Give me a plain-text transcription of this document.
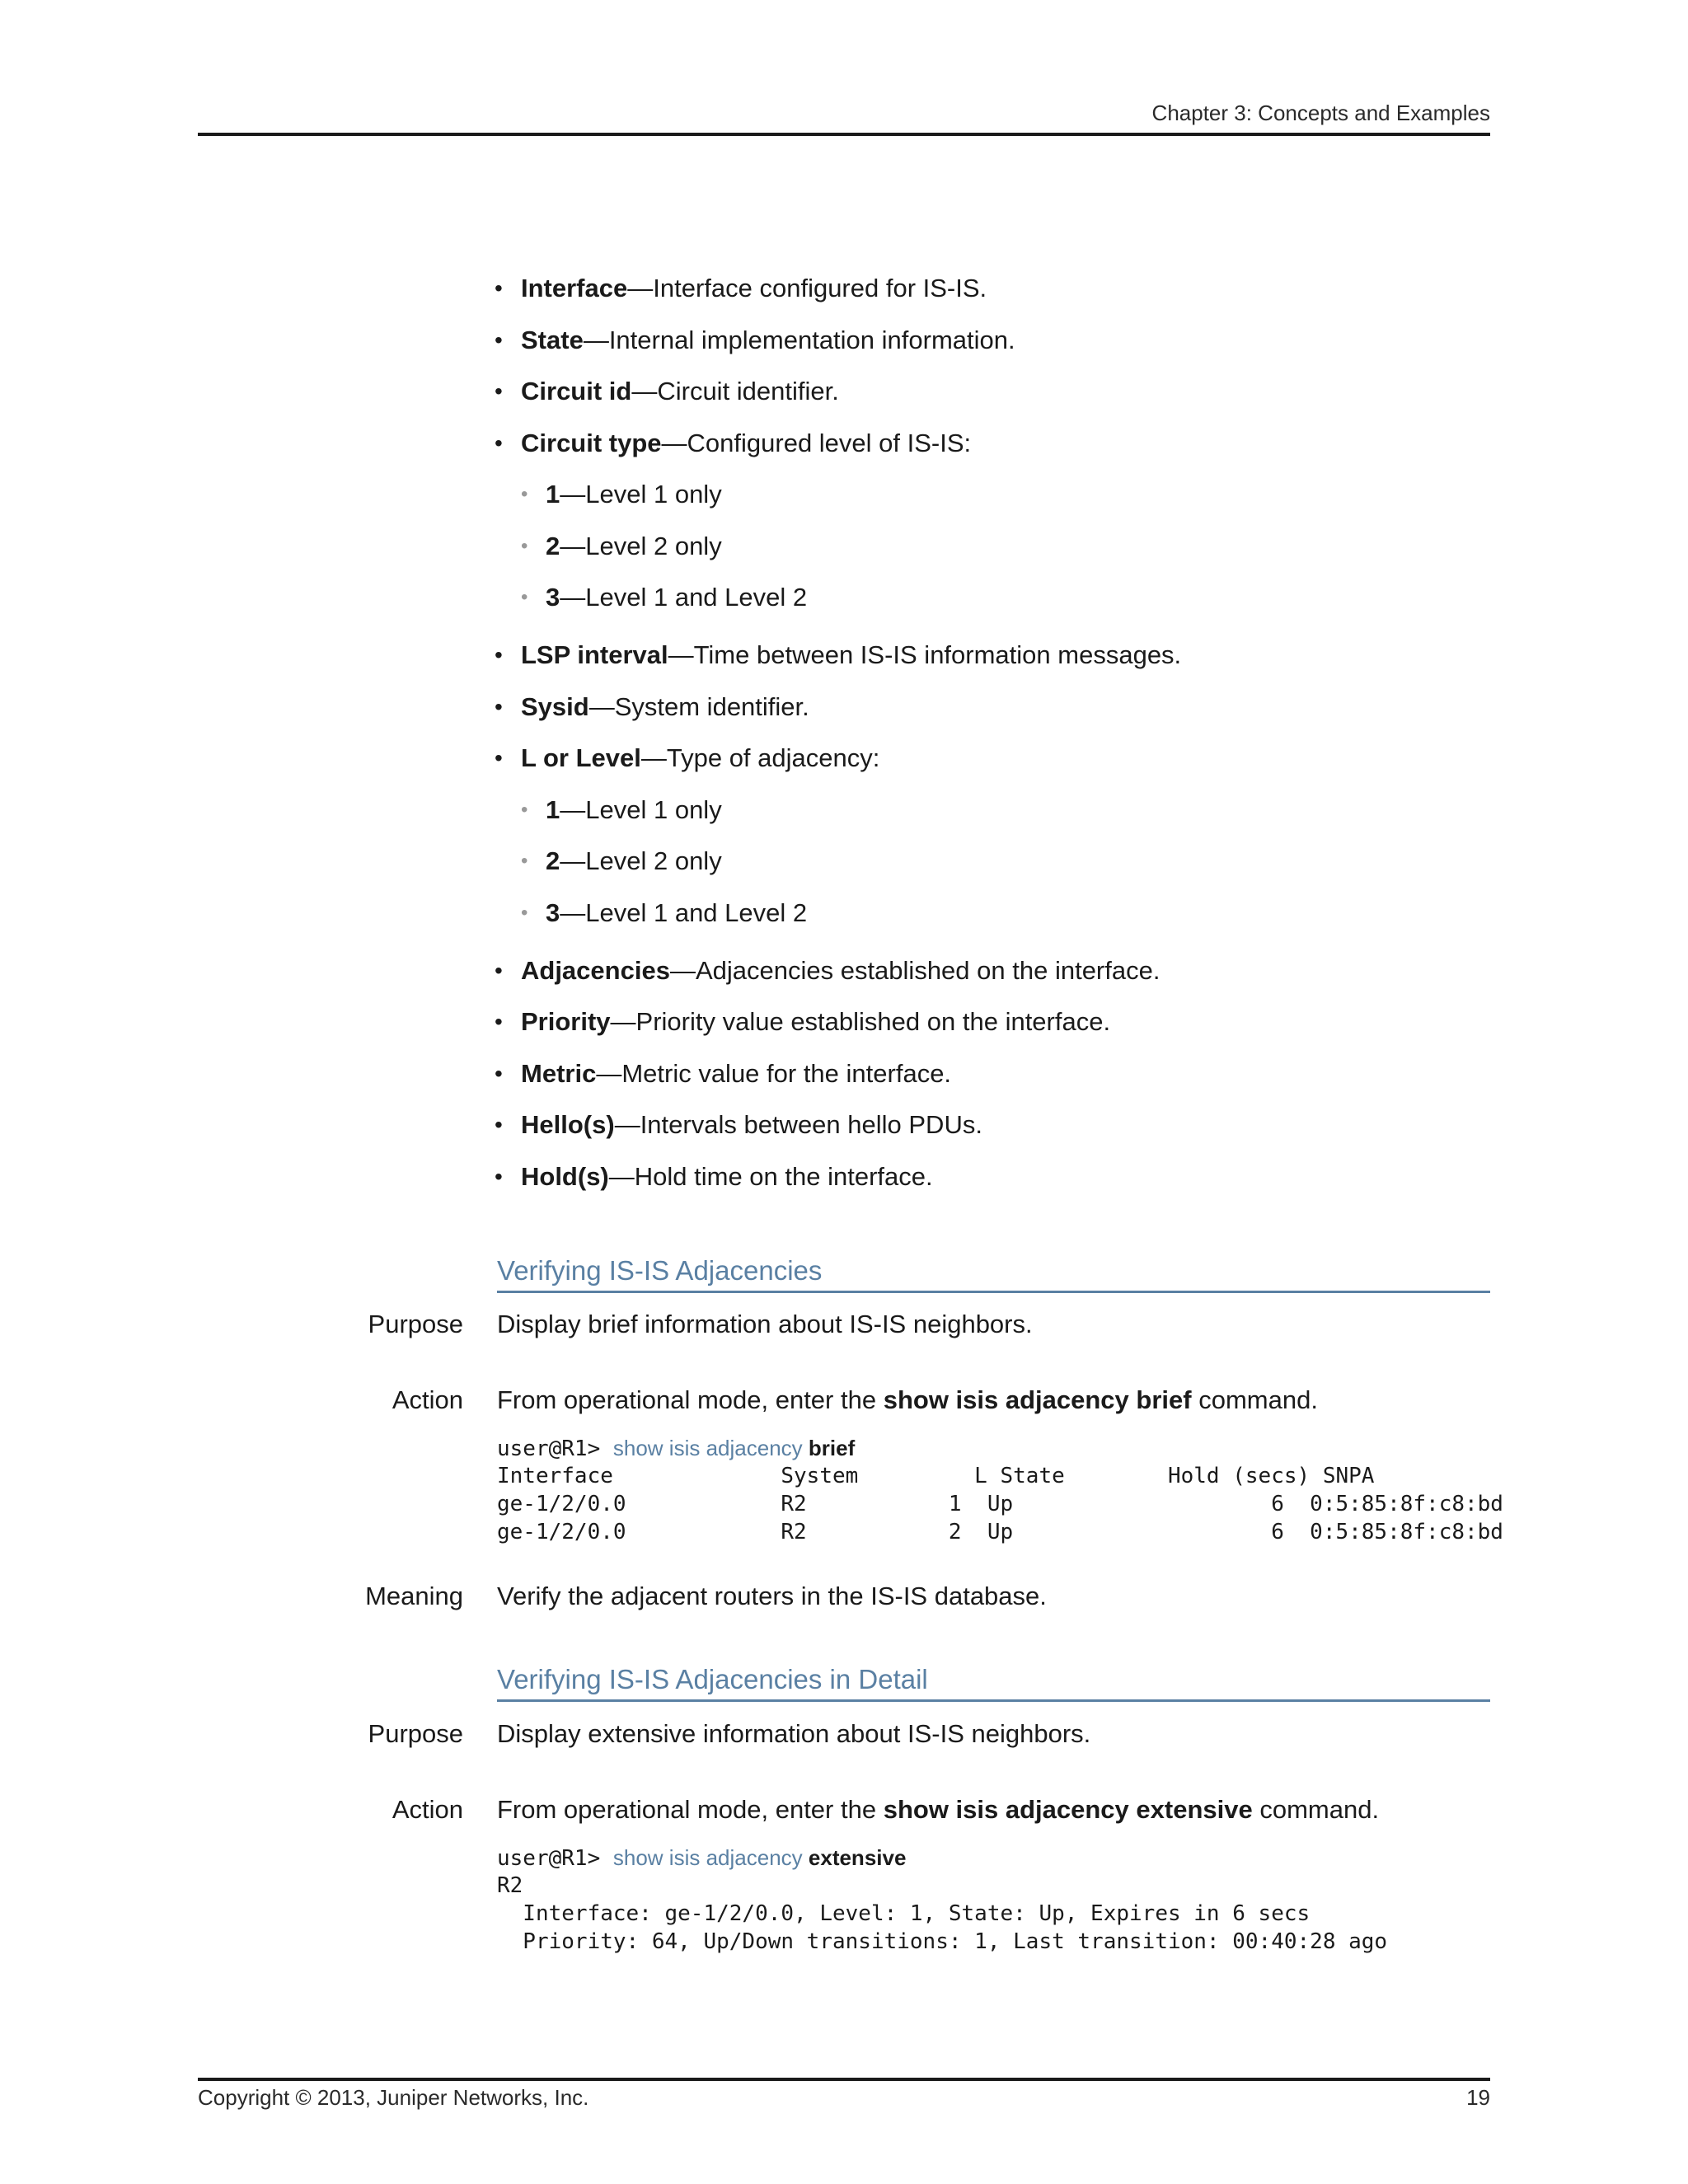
Chapter 3: Concepts and Examples
• Interface—Interface configured for IS-IS.
• State—Internal implementation information.
• Circuit id—Circuit identifier.
• Circuit type—Configured level of IS-IS:
• 1—Level 1 only
• 2—Level 2 only
• 3—Level 1 and Level 2
• LSP interval—Time between IS-IS information messages.
• Sysid—System identifier.
• L or Level—Type of adjacency:
• 1—Level 1 only
• 2—Level 2 only
• 3—Level 1 and Level 2
• Adjacencies—Adjacencies established on the interface.
• Priority—Priority value established on the interface.
• Metric—Metric value for the interface.
• Hello(s)—Intervals between hello PDUs.
• Hold(s)—Hold time on the interface.
Verifying IS-IS Adjacencies
Purpose Display brief information about IS-IS neighbors.
Action From operational mode, enter the show isis adjacency brief command.
user@R1> show isis adjacency brief
Interface             System         L State        Hold (secs) SNPA
ge-1/2/0.0            R2           1  Up                    6  0:5:85:8f:c8:bd
ge-1/2/0.0            R2           2  Up                    6  0:5:85:8f:c8:bd
Meaning Verify the adjacent routers in the IS-IS database.
Verifying IS-IS Adjacencies in Detail
Purpose Display extensive information about IS-IS neighbors.
Action From operational mode, enter the show isis adjacency extensive command.
user@R1> show isis adjacency extensive
R2
Interface: ge-1/2/0.0, Level: 1, State: Up, Expires in 6 secs
Priority: 64, Up/Down transitions: 1, Last transition: 00:40:28 ago
Copyright © 2013, Juniper Networks, Inc.	19
